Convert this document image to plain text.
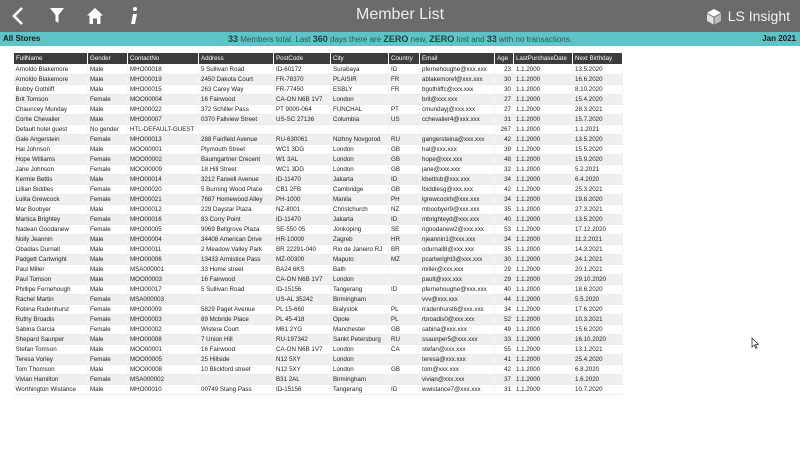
Member List	LS Insight
All Stores	33 Members total. Last 360 days there are ZERO new, ZERO lost and 33 with no transactions.	Jan 2021
FullName	Gender	ContactNo	Address	PostCode	City	Country	Email	Age	LastPurchaseDate	Next Birthday
Arnoldo Blakemore	Male	MHO00018	5 Sullivan Road	ID-60172	Surabaya	ID	pfernehoughe@xxx.xxx	23	1.1.2000	13.5.2020
Arnoldo Blakemore	Male	MHO00019	2450 Dakota Court	FR-78370	PLAISIR	FR	ablakemoref@xxx.xxx	30	1.1.2000	16.6.2020
Bobby Gothliff	Male	MHO00015	263 Carey Way	FR-77450	ESBLY	FR	bgothliffc@xxx.xxx	30	1.1.2000	8.10.2020
Brit Tomson	Female	MOO00004	16 Fairwood	CA-ON N6B 1V7	London		brit@xxx.xxx	27	1.1.2000	15.4.2020
Chauncey Munday	Male	MHO00022	372 Schiller Pass	PT 9000-064	FUNCHAL	PT	cmundayj@xxx.xxx	27	1.1.2000	28.3.2021
Cortie Chevalier	Male	MHO00007	0370 Fallview Street	US-SC 27136	Columbia	US	cchevalier4@xxx.xxx	31	1.1.2000	15.7.2020
Default hotel guest	No gender	HTL-DEFAULT-GUEST						267	1.1.2000	1.1.2021
Gale Angerstein	Female	MHO00013	288 Fairfield Avenue	RU-630061	Nizhny Novgorod	RU	gangersteina@xxx.xxx	42	1.1.2000	13.5.2020
Hal Johnson	Male	MOO00001	Plymouth Street	WC1 3DG	London	GB	hal@xxx.xxx	39	1.1.2000	15.5.2020
Hope Williams	Female	MOO00002	Baumgartner Crecent	W1 3AL	London	GB	hope@xxx.xxx	48	1.1.2000	15.9.2020
Jane Johnson	Female	MOO00009	18 Hill Street	WC1 3DG	London	GB	jane@xxx.xxx	32	1.1.2000	5.2.2021
Kermie Bettis	Male	MHO00014	3212 Farwell Avenue	ID-11470	Jakarta	ID	kbettisb@xxx.xxx	34	1.1.2000	6.4.2020
Lillian Biddles	Female	MHO00020	5 Burning Wood Place	CB1 2FB	Cambridge	GB	lbiddlesg@xxx.xxx	42	1.1.2000	25.3.2021
Lulita Grewcock	Female	MHO00021	7687 Homewood Alley	PH-1000	Manila	PH	lgrewcockh@xxx.xxx	34	1.1.2000	19.8.2020
Mar Boobyer	Male	MHO00012	229 Daystar Plaza	NZ-8001	Christchurch	NZ	mboobyer9@xxx.xxx	35	1.1.2000	27.3.2021
Martica Brightey	Female	MHO00016	83 Corry Point	ID-11470	Jakarta	ID	mbrighteyd@xxx.xxx	40	1.1.2000	13.5.2020
Nadean Goodanew	Female	MHO00005	9069 Bellgrove Plaza	SE-550 05	Jonkoping	SE	ngoodanew2@xxx.xxx	53	1.1.2000	17.12.2020
Nolly Jeannin	Male	MHO00004	34408 American Drive	HR-10000	Zagreb	HR	njeannin1@xxx.xxx	34	1.1.2000	11.2.2021
Obadias Durnall	Male	MHO00011	2 Meadow Valley Park	BR 22291-040	Rio de Janeiro RJ	BR	odurnall8@xxx.xxx	35	1.1.2000	14.3.2021
Padgett Cartwright	Male	MHO00006	13433 Armistice Pass	MZ-00300	Maputo	MZ	pcartwright3@xxx.xxx	30	1.1.2000	24.1.2021
Paul Miller	Male	MSA000001	33 Home street	BA24 6KS	Bath		miller@xxx.xxx	29	1.1.2000	20.1.2021
Paul Tomson	Male	MOO00003	16 Fairwood	CA-ON N6B 1V7	London		pault@xxx.xxx	29	1.1.2000	29.10.2020
Phillipe Fernehough	Male	MHO00017	5 Sullivan Road	ID-15156	Tangerang	ID	pfernehoughe@xxx.xxx	40	1.1.2000	18.6.2020
Rachel Martin	Female	MSA000003		US-AL 35242	Birmingham		vvv@xxx.xxx	44	1.1.2000	5.5.2020
Robina Radenhurst	Female	MHO00009	5829 Paget Avenue	PL 15-660	Bialystok	PL	rradenhurst6@xxx.xxx	34	1.1.2000	17.6.2020
Ruthy Broadis	Female	MHO00003	89 Mcbride Place	PL 45-418	Opole	PL	rbroadis0@xxx.xxx	52	1.1.2000	10.3.2021
Sabina Garcia	Female	MHO00002	Wistera Court	M61 2YG	Manchester	GB	sabina@xxx.xxx	49	1.1.2000	15.6.2020
Shepard Saunper	Male	MHO00008	7 Union Hill	RU-197342	Sankt Petersburg	RU	ssaunper5@xxx.xxx	33	1.1.2000	16.10.2020
Stefan Tomson	Male	MOO00001	16 Fairwood	CA-ON N6B 1V7	London	CA	stefan@xxx.xxx	55	1.1.2000	13.1.2021
Teresa Vorley	Female	MOO00005	25 Hillside	N12 5XY	London		teresa@xxx.xxx	41	1.1.2000	25.4.2020
Tom Thomson	Male	MOO00008	10 Blickford street	N12 5XY	London	GB	tom@xxx.xxx	42	1.1.2000	6.8.2020
Vivian Hamilton	Female	MSA000002		B31 2AL	Birmingham		vivian@xxx.xxx	37	1.1.2000	1.6.2020
Worthington Wistance	Male	MHO00010	00749 Stang Pass	ID-15156	Tangerang	ID	wwistance7@xxx.xxx	31	1.1.2000	10.7.2020
